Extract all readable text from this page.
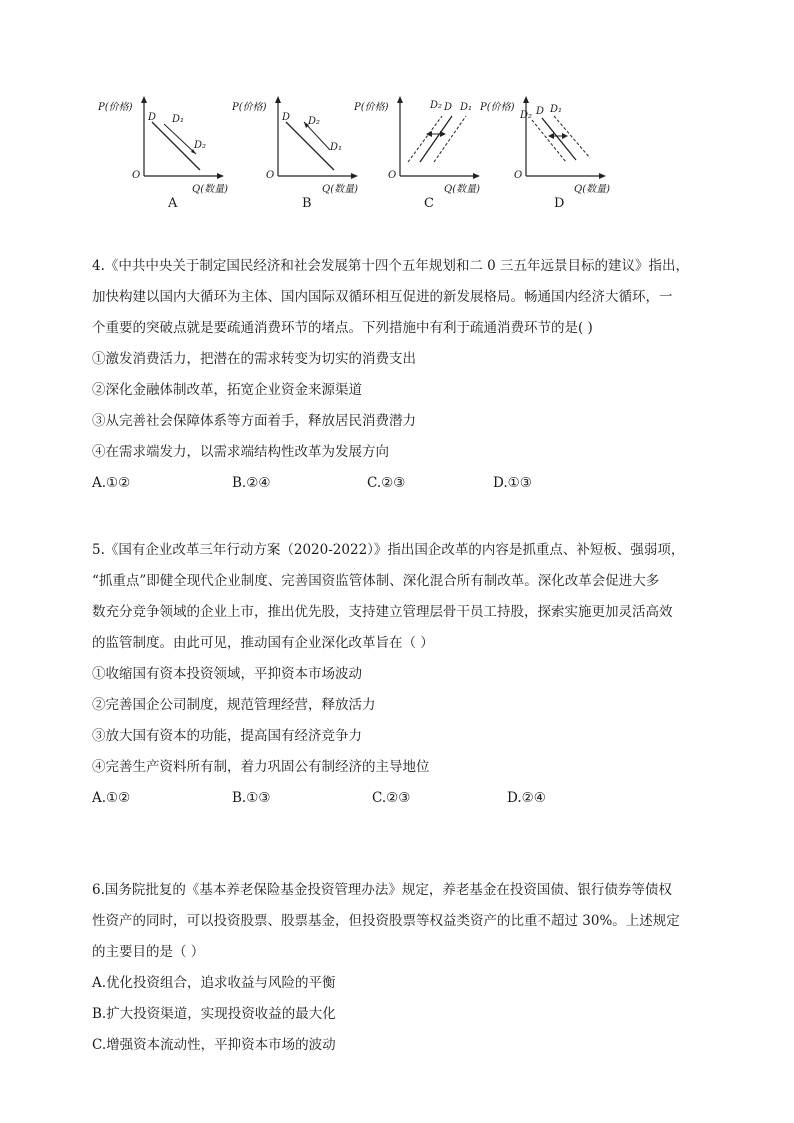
P(价格)
D D₁
D₂
O
Q(数量)
A
P(价格)
D D₂
D₁
O
Q(数量)
B
P(价格)	D₂ D D₁
O
Q(数量)
C
P(价格)
D₂ D D₁
O
Q(数量)
D
4.《中共中央关于制定国民经济和社会发展第十四个五年规划和二 0 三五年远景目标的建议》指出，
加快构建以国内大循环为主体、国内国际双循环相互促进的新发展格局。畅通国内经济大循环，一
个重要的突破点就是要疏通消费环节的堵点。下列措施中有利于疏通消费环节的是( )
①激发消费活力，把潜在的需求转变为切实的消费支出
②深化金融体制改革，拓宽企业资金来源渠道
③从完善社会保障体系等方面着手，释放居民消费潜力
④在需求端发力，以需求端结构性改革为发展方向
A.①②	B.②④	C.②③	D.①③
5.《国有企业改革三年行动方案（2020-2022）》指出国企改革的内容是抓重点、补短板、强弱项，
“抓重点”即健全现代企业制度、完善国资监管体制、深化混合所有制改革。深化改革会促进大多
数充分竞争领域的企业上市，推出优先股，支持建立管理层骨干员工持股，探索实施更加灵活高效
的监管制度。由此可见，推动国有企业深化改革旨在（ ）
①收缩国有资本投资领域，平抑资本市场波动
②完善国企公司制度，规范管理经营，释放活力
③放大国有资本的功能，提高国有经济竞争力
④完善生产资料所有制，着力巩固公有制经济的主导地位
A.①②	B.①③	C.②③	D.②④
6.国务院批复的《基本养老保险基金投资管理办法》规定，养老基金在投资国债、银行债券等债权
性资产的同时，可以投资股票、股票基金，但投资股票等权益类资产的比重不超过 30%。上述规定
的主要目的是（ ）
A.优化投资组合，追求收益与风险的平衡
B.扩大投资渠道，实现投资收益的最大化
C.增强资本流动性，平抑资本市场的波动
